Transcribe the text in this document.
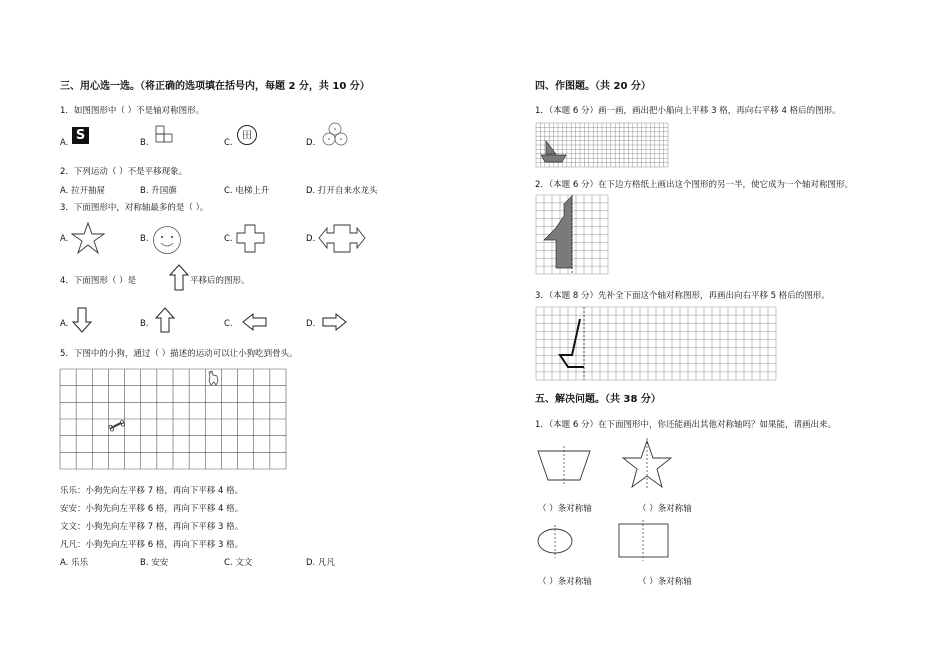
三、用心选一选。（将正确的选项填在括号内，每题 2 分，共 10 分）
1．如图图形中（ ）不是轴对称图形。
A. S	B.	C.
田
D.
2．下列运动（ ）不是平移现象。
A. 拉开抽屉	B. 升国旗	C. 电梯上升	D. 打开自来水龙头
3．下面图形中，对称轴最多的是（ ）。
A.	B.	C.	D.
4．下面图形（ ）是	平移后的图形。
A.	B.	C.	D.
5．下图中的小狗，通过（ ）描述的运动可以让小狗吃到骨头。
乐乐：小狗先向左平移 7 格，再向下平移 4 格。
安安：小狗先向左平移 6 格，再向下平移 4 格。
文文：小狗先向左平移 7 格，再向下平移 3 格。
凡凡：小狗先向左平移 6 格，再向下平移 3 格。
A. 乐乐	B. 安安	C. 文文	D. 凡凡
四、作图题。（共 20 分）
1．（本题 6 分）画一画，画出把小船向上平移 3 格，再向右平移 4 格后的图形。
2．（本题 6 分）在下边方格纸上画出这个图形的另一半，使它成为一个轴对称图形。
3．（本题 8 分）先补全下面这个轴对称图形，再画出向右平移 5 格后的图形。
五、解决问题。（共 38 分）
1．（本题 6 分）在下面图形中，你还能画出其他对称轴吗？如果能，请画出来。
（ ）条对称轴	（ ）条对称轴
（ ）条对称轴	（ ）条对称轴
